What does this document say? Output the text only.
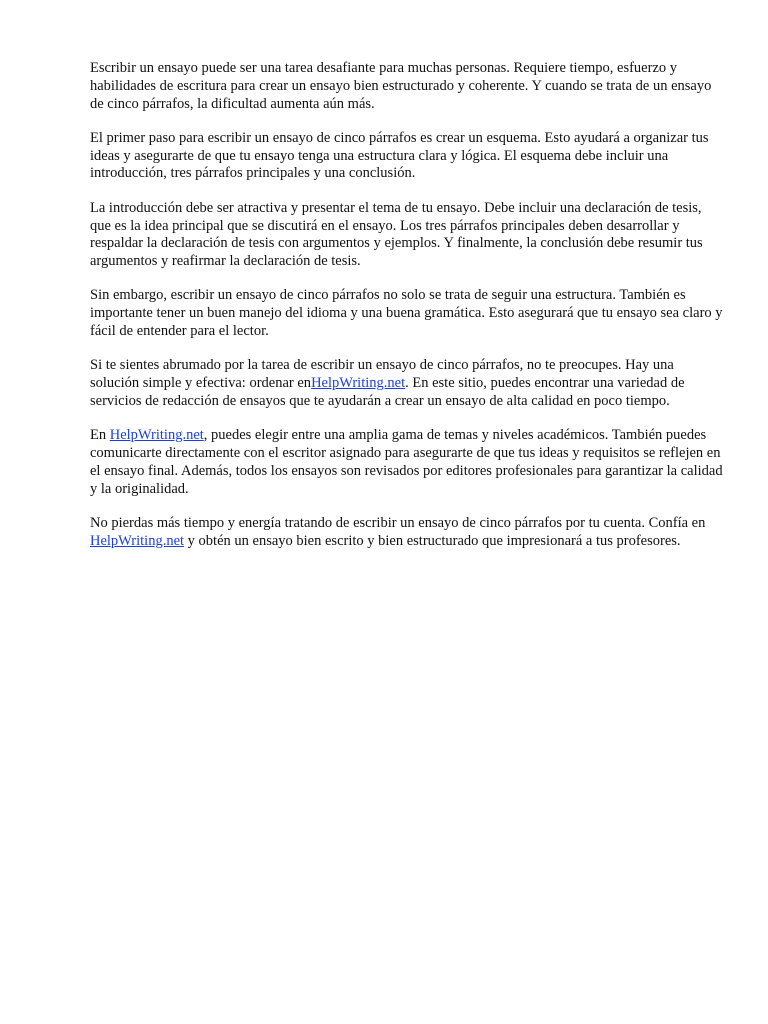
Escribir un ensayo puede ser una tarea desafiante para muchas personas. Requiere tiempo, esfuerzo y habilidades de escritura para crear un ensayo bien estructurado y coherente. Y cuando se trata de un ensayo de cinco párrafos, la dificultad aumenta aún más.

El primer paso para escribir un ensayo de cinco párrafos es crear un esquema. Esto ayudará a organizar tus ideas y asegurarte de que tu ensayo tenga una estructura clara y lógica. El esquema debe incluir una introducción, tres párrafos principales y una conclusión.

La introducción debe ser atractiva y presentar el tema de tu ensayo. Debe incluir una declaración de tesis, que es la idea principal que se discutirá en el ensayo. Los tres párrafos principales deben desarrollar y respaldar la declaración de tesis con argumentos y ejemplos. Y finalmente, la conclusión debe resumir tus argumentos y reafirmar la declaración de tesis.

Sin embargo, escribir un ensayo de cinco párrafos no solo se trata de seguir una estructura. También es importante tener un buen manejo del idioma y una buena gramática. Esto asegurará que tu ensayo sea claro y fácil de entender para el lector.

Si te sientes abrumado por la tarea de escribir un ensayo de cinco párrafos, no te preocupes. Hay una solución simple y efectiva: ordenar enHelpWriting.net. En este sitio, puedes encontrar una variedad de servicios de redacción de ensayos que te ayudarán a crear un ensayo de alta calidad en poco tiempo.

En HelpWriting.net, puedes elegir entre una amplia gama de temas y niveles académicos. También puedes comunicarte directamente con el escritor asignado para asegurarte de que tus ideas y requisitos se reflejen en el ensayo final. Además, todos los ensayos son revisados por editores profesionales para garantizar la calidad y la originalidad.

No pierdas más tiempo y energía tratando de escribir un ensayo de cinco párrafos por tu cuenta. Confía en HelpWriting.net y obtén un ensayo bien escrito y bien estructurado que impresionará a tus profesores.
